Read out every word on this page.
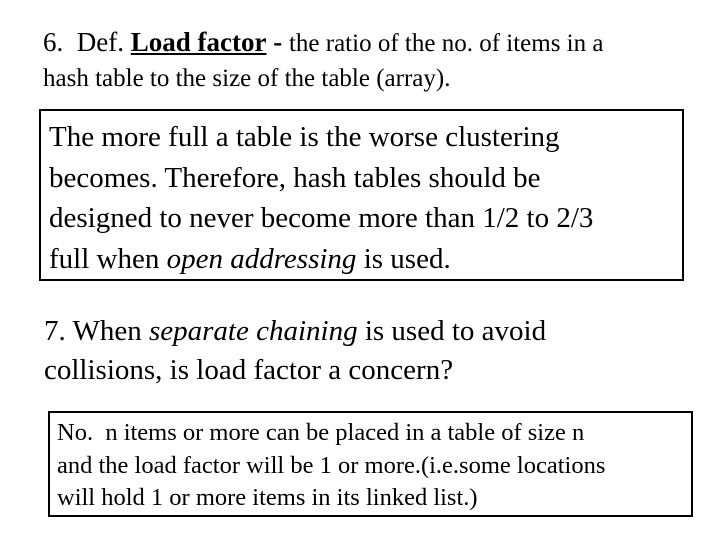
6. Def. Load factor - the ratio of the no. of items in a
hash table to the size of the table (array).
The more full a table is the worse clustering
becomes. Therefore, hash tables should be
designed to never become more than 1/2 to 2/3
full when open addressing is used.
7. When separate chaining is used to avoid
collisions, is load factor a concern?
No.  n items or more can be placed in a table of size n
and the load factor will be 1 or more.(i.e.some locations
will hold 1 or more items in its linked list.)
